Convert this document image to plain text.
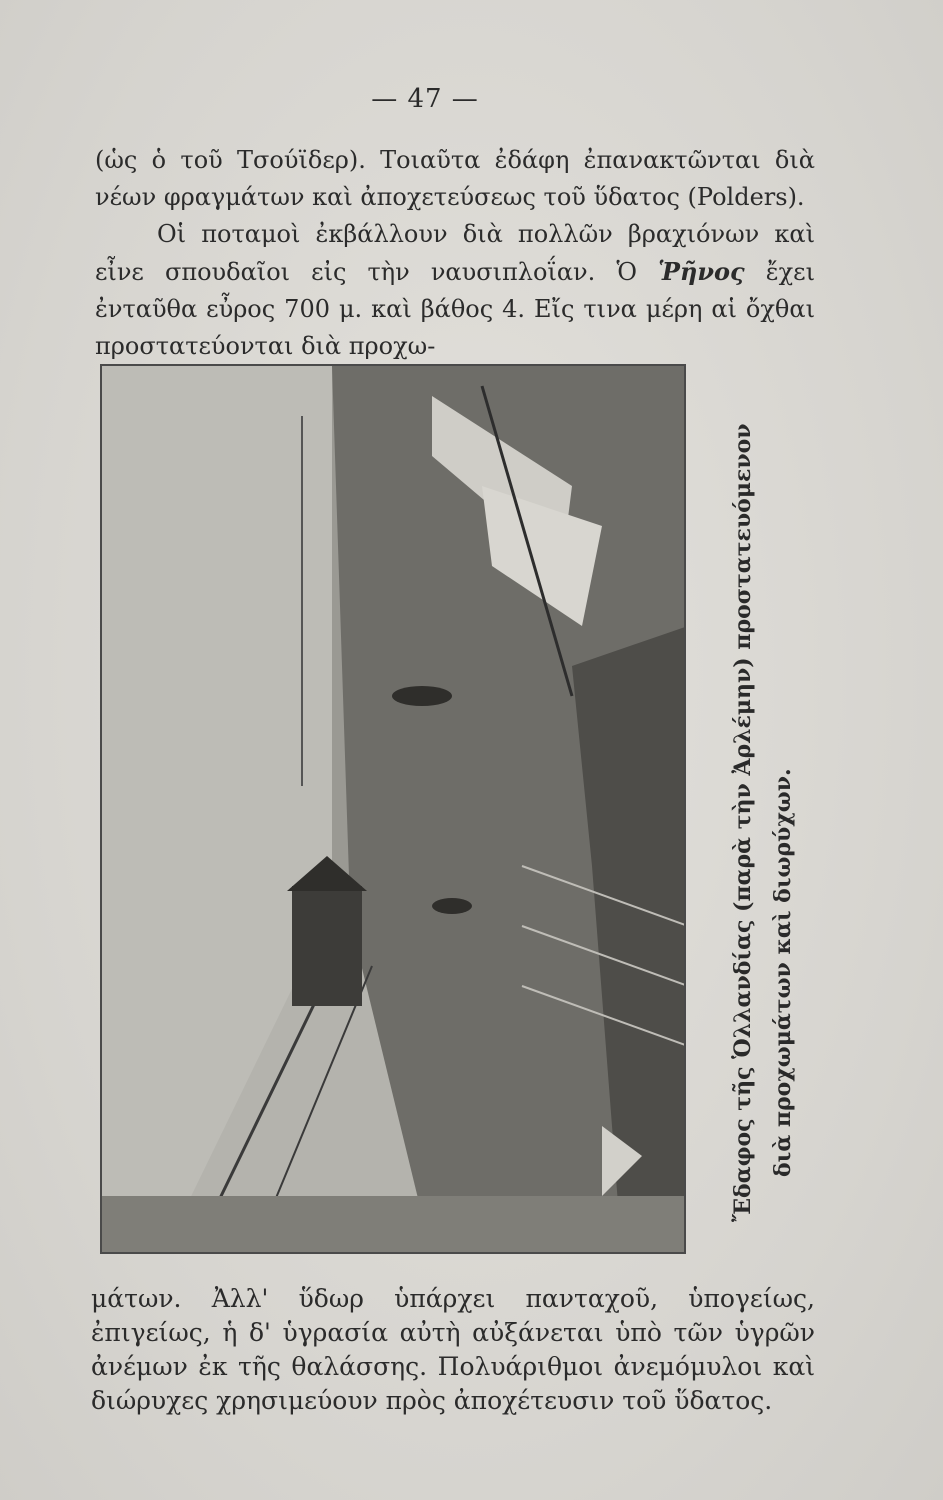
— 47 —

(ὡς ὁ τοῦ Τσούϊδερ). Τοιαῦτα ἐδάφη ἐπανακτῶνται διὰ νέων φραγμάτων καὶ ἀποχετεύσεως τοῦ ὕδατος (Polders).

Οἱ ποταμοὶ ἐκβάλλουν διὰ πολλῶν βραχιόνων καὶ εἶνε σπουδαῖοι εἰς τὴν ναυσιπλοΐαν. Ὁ Ῥῆνος ἔχει ἐνταῦθα εὖρος 700 μ. καὶ βάθος 4. Εἴς τινα μέρη αἱ ὄχθαι προστατεύονται διὰ προχω-

Ἔδαφος τῆς Ὁλλανδίας (παρὰ τὴν Ἀρλέμην) προστατευόμενον διὰ προχωμάτων καὶ διωρύχων.

μάτων. Ἀλλ' ὕδωρ ὑπάρχει πανταχοῦ, ὑπογείως, ἐπιγείως, ἡ δ' ὑγρασία αὐτὴ αὐξάνεται ὑπὸ τῶν ὑγρῶν ἀνέμων ἐκ τῆς θαλάσσης. Πολυάριθμοι ἀνεμόμυλοι καὶ διώρυχες χρησιμεύουν πρὸς ἀποχέτευσιν τοῦ ὕδατος.
